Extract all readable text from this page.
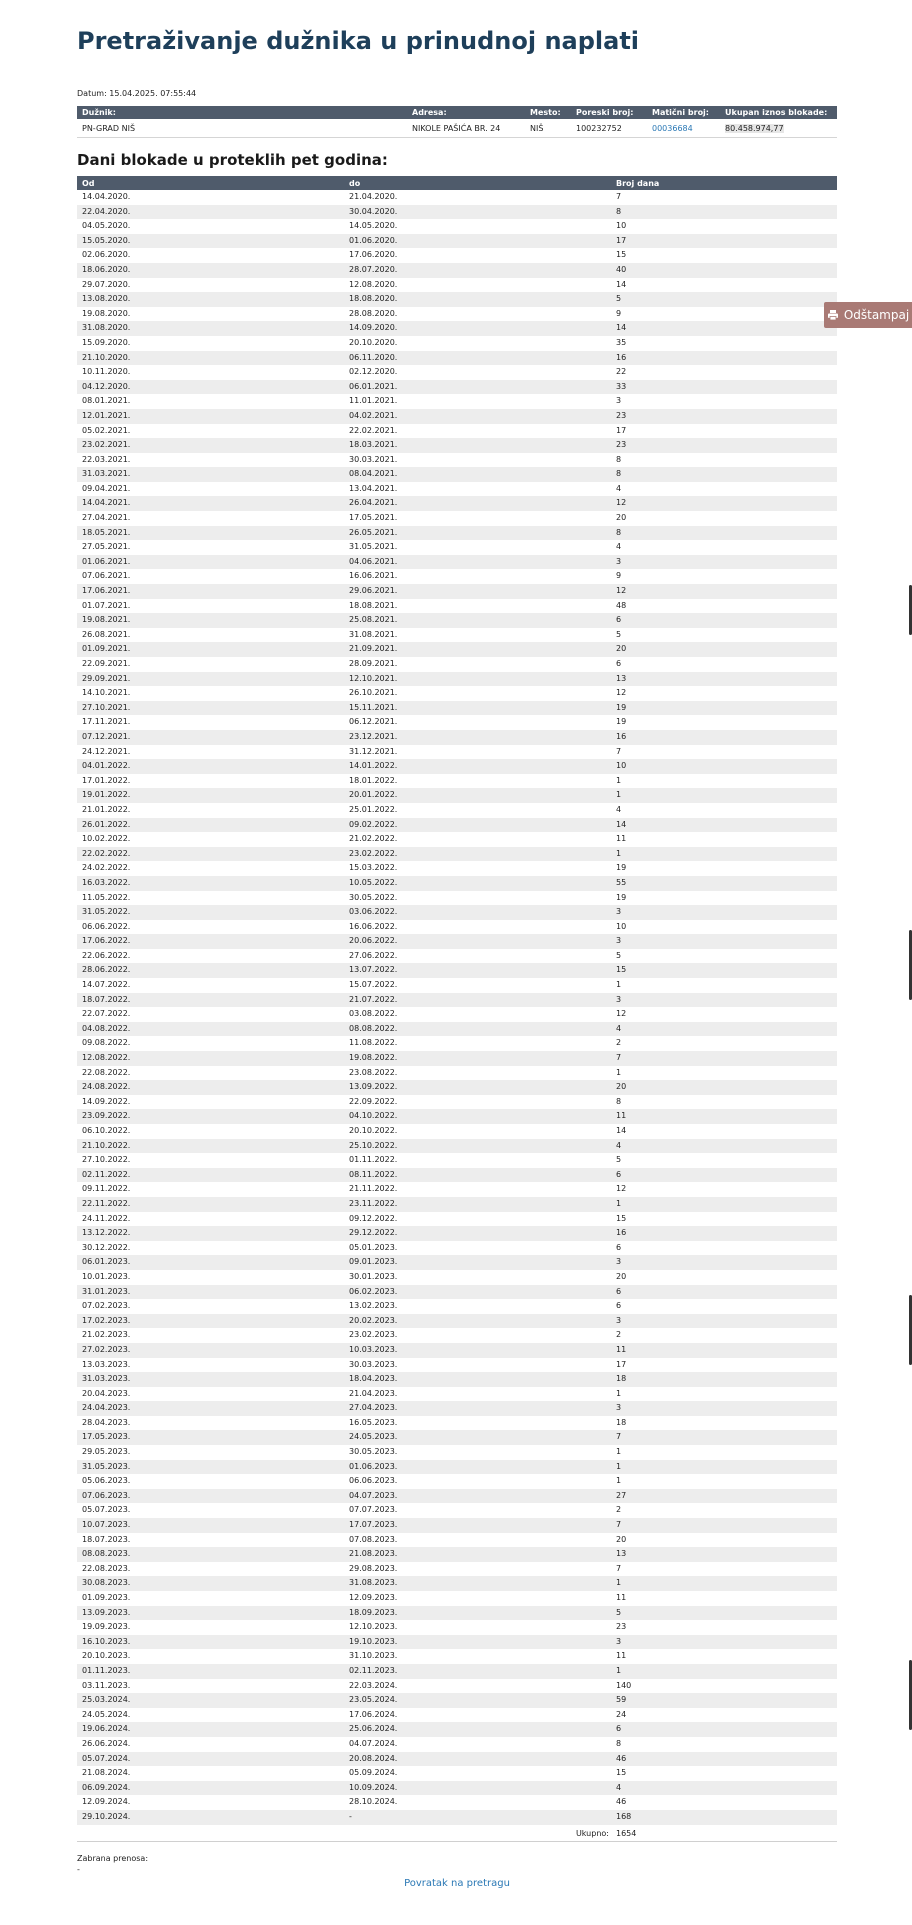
Pretraživanje dužnika u prinudnoj naplati
Datum: 15.04.2025. 07:55:44
Dužnik:	Adresa:	Mesto:	Poreski broj:	Matični broj:	Ukupan iznos blokade:
PN-GRAD NIŠ	NIKOLE PAŠIĆA BR. 24	NIŠ	100232752	00036684	80.458.974,77
Dani blokade u proteklih pet godina:
Od	do	Broj dana
14.04.2020.	21.04.2020.	7
22.04.2020.	30.04.2020.	8
04.05.2020.	14.05.2020.	10
15.05.2020.	01.06.2020.	17
02.06.2020.	17.06.2020.	15
18.06.2020.	28.07.2020.	40
29.07.2020.	12.08.2020.	14
13.08.2020.	18.08.2020.	5
19.08.2020.	28.08.2020.	9
31.08.2020.	14.09.2020.	14
15.09.2020.	20.10.2020.	35
21.10.2020.	06.11.2020.	16
10.11.2020.	02.12.2020.	22
04.12.2020.	06.01.2021.	33
08.01.2021.	11.01.2021.	3
12.01.2021.	04.02.2021.	23
05.02.2021.	22.02.2021.	17
23.02.2021.	18.03.2021.	23
22.03.2021.	30.03.2021.	8
31.03.2021.	08.04.2021.	8
09.04.2021.	13.04.2021.	4
14.04.2021.	26.04.2021.	12
27.04.2021.	17.05.2021.	20
18.05.2021.	26.05.2021.	8
27.05.2021.	31.05.2021.	4
01.06.2021.	04.06.2021.	3
07.06.2021.	16.06.2021.	9
17.06.2021.	29.06.2021.	12
01.07.2021.	18.08.2021.	48
19.08.2021.	25.08.2021.	6
26.08.2021.	31.08.2021.	5
01.09.2021.	21.09.2021.	20
22.09.2021.	28.09.2021.	6
29.09.2021.	12.10.2021.	13
14.10.2021.	26.10.2021.	12
27.10.2021.	15.11.2021.	19
17.11.2021.	06.12.2021.	19
07.12.2021.	23.12.2021.	16
24.12.2021.	31.12.2021.	7
04.01.2022.	14.01.2022.	10
17.01.2022.	18.01.2022.	1
19.01.2022.	20.01.2022.	1
21.01.2022.	25.01.2022.	4
26.01.2022.	09.02.2022.	14
10.02.2022.	21.02.2022.	11
22.02.2022.	23.02.2022.	1
24.02.2022.	15.03.2022.	19
16.03.2022.	10.05.2022.	55
11.05.2022.	30.05.2022.	19
31.05.2022.	03.06.2022.	3
06.06.2022.	16.06.2022.	10
17.06.2022.	20.06.2022.	3
22.06.2022.	27.06.2022.	5
28.06.2022.	13.07.2022.	15
14.07.2022.	15.07.2022.	1
18.07.2022.	21.07.2022.	3
22.07.2022.	03.08.2022.	12
04.08.2022.	08.08.2022.	4
09.08.2022.	11.08.2022.	2
12.08.2022.	19.08.2022.	7
22.08.2022.	23.08.2022.	1
24.08.2022.	13.09.2022.	20
14.09.2022.	22.09.2022.	8
23.09.2022.	04.10.2022.	11
06.10.2022.	20.10.2022.	14
21.10.2022.	25.10.2022.	4
27.10.2022.	01.11.2022.	5
02.11.2022.	08.11.2022.	6
09.11.2022.	21.11.2022.	12
22.11.2022.	23.11.2022.	1
24.11.2022.	09.12.2022.	15
13.12.2022.	29.12.2022.	16
30.12.2022.	05.01.2023.	6
06.01.2023.	09.01.2023.	3
10.01.2023.	30.01.2023.	20
31.01.2023.	06.02.2023.	6
07.02.2023.	13.02.2023.	6
17.02.2023.	20.02.2023.	3
21.02.2023.	23.02.2023.	2
27.02.2023.	10.03.2023.	11
13.03.2023.	30.03.2023.	17
31.03.2023.	18.04.2023.	18
20.04.2023.	21.04.2023.	1
24.04.2023.	27.04.2023.	3
28.04.2023.	16.05.2023.	18
17.05.2023.	24.05.2023.	7
29.05.2023.	30.05.2023.	1
31.05.2023.	01.06.2023.	1
05.06.2023.	06.06.2023.	1
07.06.2023.	04.07.2023.	27
05.07.2023.	07.07.2023.	2
10.07.2023.	17.07.2023.	7
18.07.2023.	07.08.2023.	20
08.08.2023.	21.08.2023.	13
22.08.2023.	29.08.2023.	7
30.08.2023.	31.08.2023.	1
01.09.2023.	12.09.2023.	11
13.09.2023.	18.09.2023.	5
19.09.2023.	12.10.2023.	23
16.10.2023.	19.10.2023.	3
20.10.2023.	31.10.2023.	11
01.11.2023.	02.11.2023.	1
03.11.2023.	22.03.2024.	140
25.03.2024.	23.05.2024.	59
24.05.2024.	17.06.2024.	24
19.06.2024.	25.06.2024.	6
26.06.2024.	04.07.2024.	8
05.07.2024.	20.08.2024.	46
21.08.2024.	05.09.2024.	15
06.09.2024.	10.09.2024.	4
12.09.2024.	28.10.2024.	46
29.10.2024.	-	168
Ukupno: 1654
Zabrana prenosa:
-
Povratak na pretragu
Odštampaj
